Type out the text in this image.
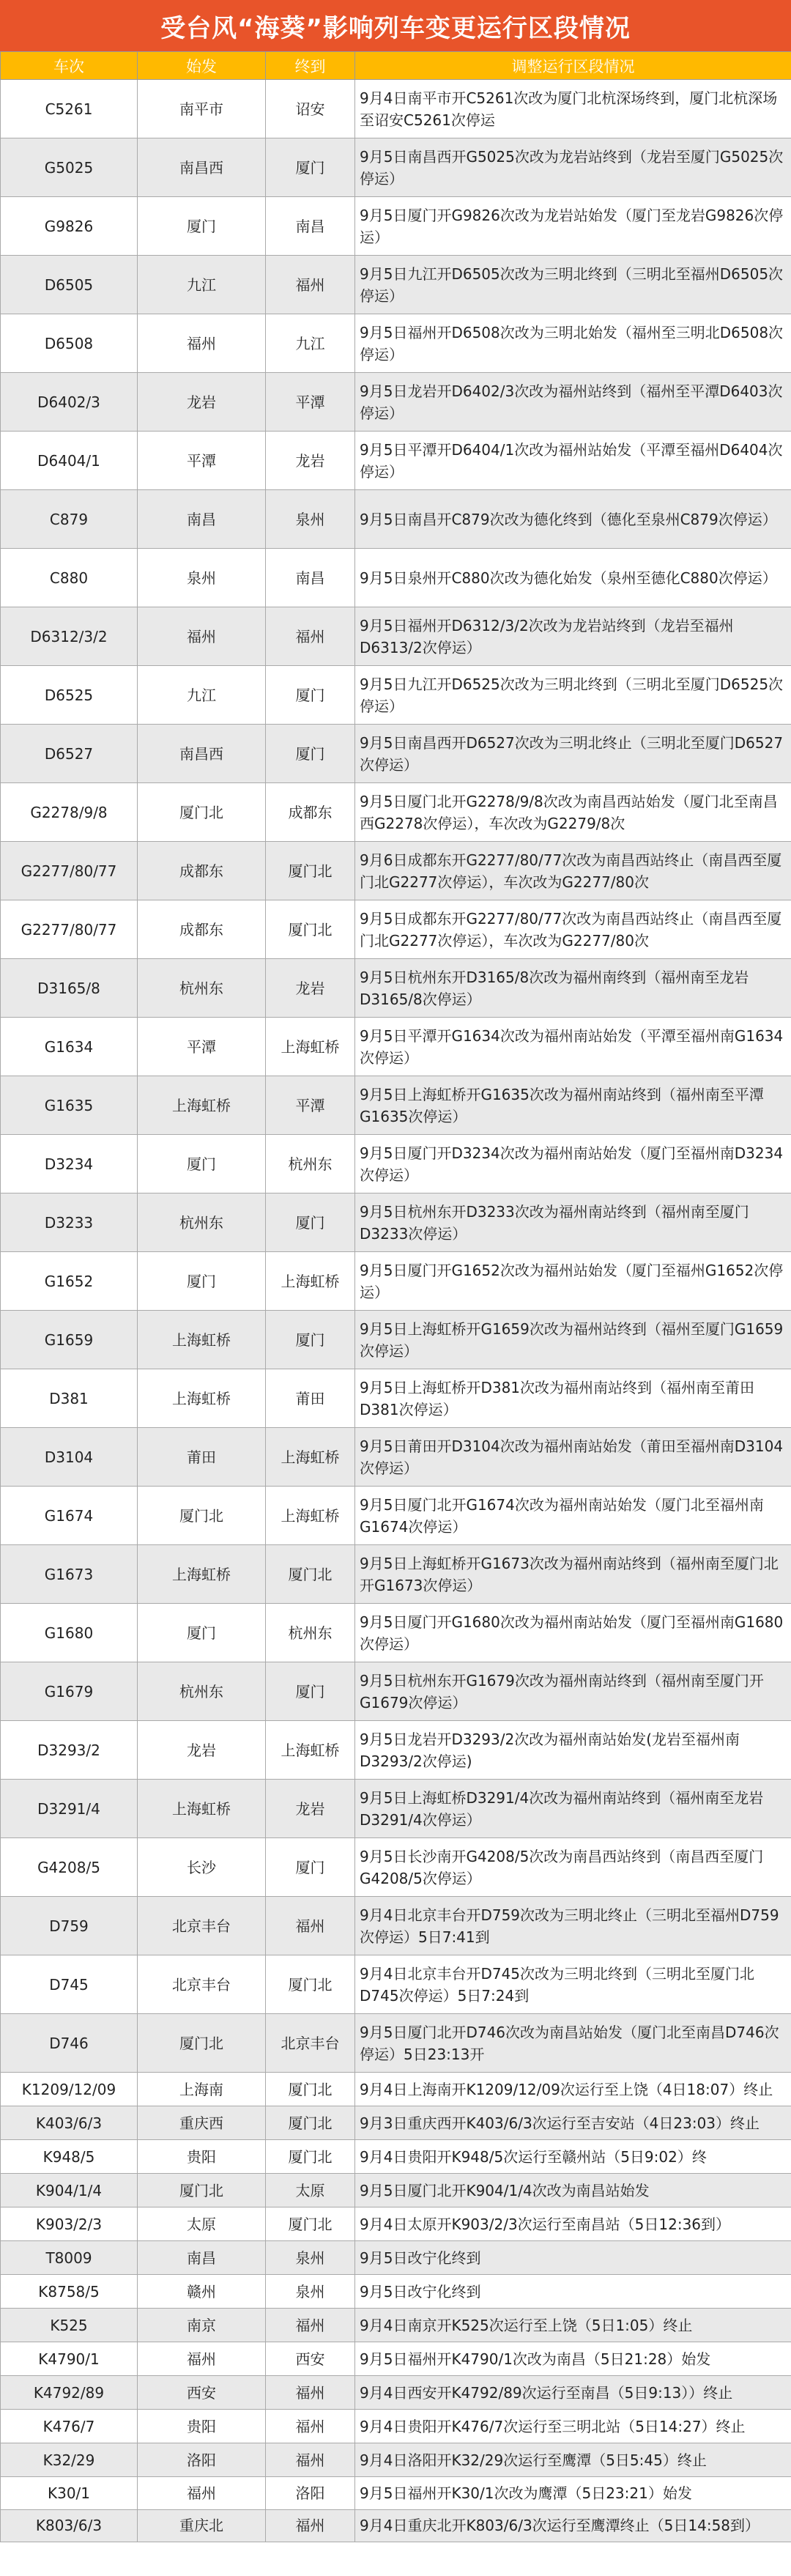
受台风“海葵”影响列车变更运行区段情况
车次	始发	终到	调整运行区段情况
C5261	南平市	诏安	9月4日南平市开C5261次改为厦门北杭深场终到，厦门北杭深场至诏安C5261次停运
G5025	南昌西	厦门	9月5日南昌西开G5025次改为龙岩站终到（龙岩至厦门G5025次停运）
G9826	厦门	南昌	9月5日厦门开G9826次改为龙岩站始发（厦门至龙岩G9826次停运）
D6505	九江	福州	9月5日九江开D6505次改为三明北终到（三明北至福州D6505次停运）
D6508	福州	九江	9月5日福州开D6508次改为三明北始发（福州至三明北D6508次停运）
D6402/3	龙岩	平潭	9月5日龙岩开D6402/3次改为福州站终到（福州至平潭D6403次停运）
D6404/1	平潭	龙岩	9月5日平潭开D6404/1次改为福州站始发（平潭至福州D6404次停运）
C879	南昌	泉州	9月5日南昌开C879次改为德化终到（德化至泉州C879次停运）
C880	泉州	南昌	9月5日泉州开C880次改为德化始发（泉州至德化C880次停运）
D6312/3/2	福州	福州	9月5日福州开D6312/3/2次改为龙岩站终到（龙岩至福州D6313/2次停运）
D6525	九江	厦门	9月5日九江开D6525次改为三明北终到（三明北至厦门D6525次停运）
D6527	南昌西	厦门	9月5日南昌西开D6527次改为三明北终止（三明北至厦门D6527次停运）
G2278/9/8	厦门北	成都东	9月5日厦门北开G2278/9/8次改为南昌西站始发（厦门北至南昌西G2278次停运），车次改为G2279/8次
G2277/80/77	成都东	厦门北	9月6日成都东开G2277/80/77次改为南昌西站终止（南昌西至厦门北G2277次停运），车次改为G2277/80次
G2277/80/77	成都东	厦门北	9月5日成都东开G2277/80/77次改为南昌西站终止（南昌西至厦门北G2277次停运），车次改为G2277/80次
D3165/8	杭州东	龙岩	9月5日杭州东开D3165/8次改为福州南终到（福州南至龙岩D3165/8次停运）
G1634	平潭	上海虹桥	9月5日平潭开G1634次改为福州南站始发（平潭至福州南G1634次停运）
G1635	上海虹桥	平潭	9月5日上海虹桥开G1635次改为福州南站终到（福州南至平潭G1635次停运）
D3234	厦门	杭州东	9月5日厦门开D3234次改为福州南站始发（厦门至福州南D3234次停运）
D3233	杭州东	厦门	9月5日杭州东开D3233次改为福州南站终到（福州南至厦门D3233次停运）
G1652	厦门	上海虹桥	9月5日厦门开G1652次改为福州站始发（厦门至福州G1652次停运）
G1659	上海虹桥	厦门	9月5日上海虹桥开G1659次改为福州站终到（福州至厦门G1659次停运）
D381	上海虹桥	莆田	9月5日上海虹桥开D381次改为福州南站终到（福州南至莆田D381次停运）
D3104	莆田	上海虹桥	9月5日莆田开D3104次改为福州南站始发（莆田至福州南D3104次停运）
G1674	厦门北	上海虹桥	9月5日厦门北开G1674次改为福州南站始发（厦门北至福州南G1674次停运）
G1673	上海虹桥	厦门北	9月5日上海虹桥开G1673次改为福州南站终到（福州南至厦门北开G1673次停运）
G1680	厦门	杭州东	9月5日厦门开G1680次改为福州南站始发（厦门至福州南G1680次停运）
G1679	杭州东	厦门	9月5日杭州东开G1679次改为福州南站终到（福州南至厦门开G1679次停运）
D3293/2	龙岩	上海虹桥	9月5日龙岩开D3293/2次改为福州南站始发(龙岩至福州南D3293/2次停运)
D3291/4	上海虹桥	龙岩	9月5日上海虹桥D3291/4次改为福州南站终到（福州南至龙岩D3291/4次停运）
G4208/5	长沙	厦门	9月5日长沙南开G4208/5次改为南昌西站终到（南昌西至厦门G4208/5次停运）
D759	北京丰台	福州	9月4日北京丰台开D759次改为三明北终止（三明北至福州D759次停运）5日7:41到
D745	北京丰台	厦门北	9月4日北京丰台开D745次改为三明北终到（三明北至厦门北D745次停运）5日7:24到
D746	厦门北	北京丰台	9月5日厦门北开D746次改为南昌站始发（厦门北至南昌D746次停运）5日23:13开
K1209/12/09	上海南	厦门北	9月4日上海南开K1209/12/09次运行至上饶（4日18:07）终止
K403/6/3	重庆西	厦门北	9月3日重庆西开K403/6/3次运行至吉安站（4日23:03）终止
K948/5	贵阳	厦门北	9月4日贵阳开K948/5次运行至赣州站（5日9:02）终
K904/1/4	厦门北	太原	9月5日厦门北开K904/1/4次改为南昌站始发
K903/2/3	太原	厦门北	9月4日太原开K903/2/3次运行至南昌站（5日12:36到）
T8009	南昌	泉州	9月5日改宁化终到
K8758/5	赣州	泉州	9月5日改宁化终到
K525	南京	福州	9月4日南京开K525次运行至上饶（5日1:05）终止
K4790/1	福州	西安	9月5日福州开K4790/1次改为南昌（5日21:28）始发
K4792/89	西安	福州	9月4日西安开K4792/89次运行至南昌（5日9:13））终止
K476/7	贵阳	福州	9月4日贵阳开K476/7次运行至三明北站（5日14:27）终止
K32/29	洛阳	福州	9月4日洛阳开K32/29次运行至鹰潭（5日5:45）终止
K30/1	福州	洛阳	9月5日福州开K30/1次改为鹰潭（5日23:21）始发
K803/6/3	重庆北	福州	9月4日重庆北开K803/6/3次运行至鹰潭终止（5日14:58到）
